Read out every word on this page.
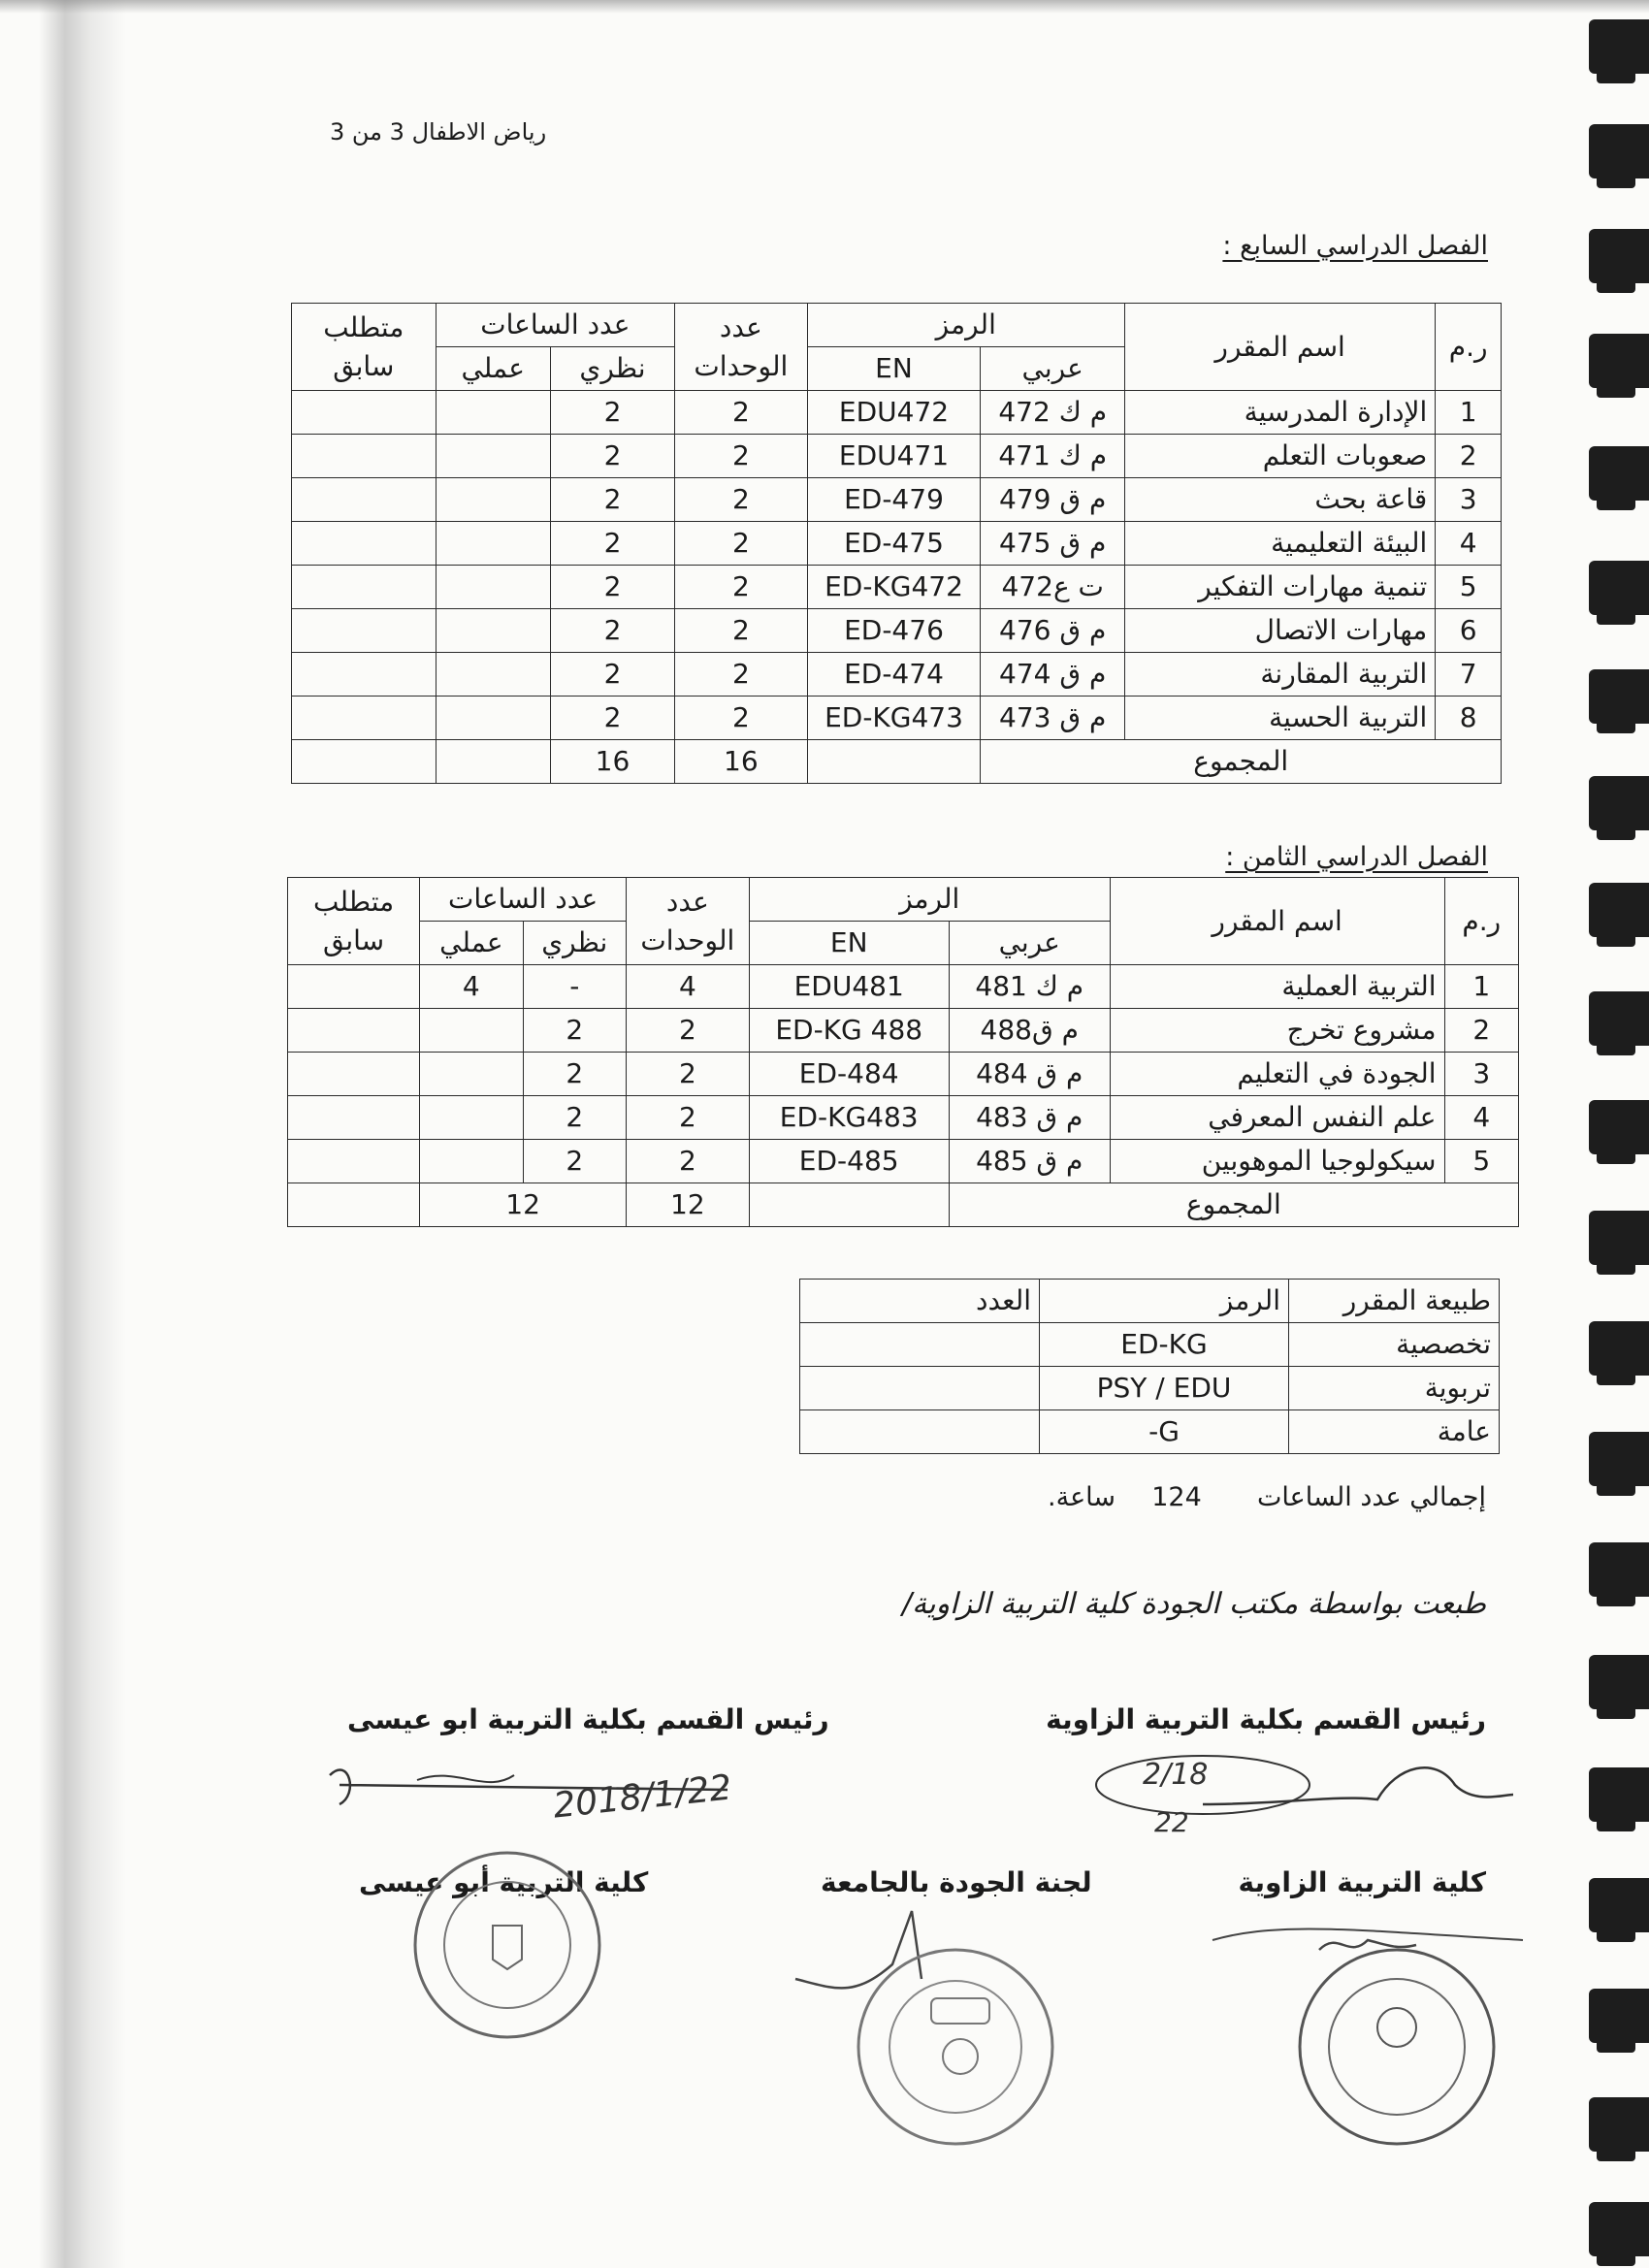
رياض الاطفال 3 من 3
الفصل الدراسي السابع :
ر.م	اسم المقرر	الرمز		عدد الوحدات	عدد الساعات		متطلب سابق
		عربي	EN		نظري	عملي	
1	الإدارة المدرسية	م ك 472	EDU472	2	2		
2	صعوبات التعلم	م ك 471	EDU471	2	2		
3	قاعة بحث	م ق 479	ED-479	2	2		
4	البيئة التعليمية	م ق 475	ED-475	2	2		
5	تنمية مهارات التفكير	ت ع472	ED-KG472	2	2		
6	مهارات الاتصال	م ق 476	ED-476	2	2		
7	التربية المقارنة	م ق 474	ED-474	2	2		
8	التربية الحسية	م ق 473	ED-KG473	2	2		
المجموع				16	16		
الفصل الدراسي الثامن :
ر.م	اسم المقرر	الرمز		عدد الوحدات	عدد الساعات		متطلب سابق
		عربي	EN		نظري	عملي	
1	التربية العملية	م ك 481	EDU481	4	-	4	
2	مشروع تخرج	م ق488	ED-KG 488	2	2		
3	الجودة في التعليم	م ق 484	ED-484	2	2		
4	علم النفس المعرفي	م ق 483	ED-KG483	2	2		
5	سيكولوجيا الموهوبين	م ق 485	ED-485	2	2		
المجموع				12	12		
طبيعة المقرر	الرمز	العدد
تخصصية	ED-KG	
تربوية	PSY / EDU	
عامة	G-	
إجمالي عدد الساعات  124  ساعة.
طبعت بواسطة مكتب الجودة كلية التربية الزاوية/
رئيس القسم بكلية التربية الزاوية
رئيس القسم بكلية التربية ابو عيسى
2018/1/22	2/18
22
كلية التربية الزاوية
لجنة الجودة بالجامعة
كلية التربية أبو عيسى
